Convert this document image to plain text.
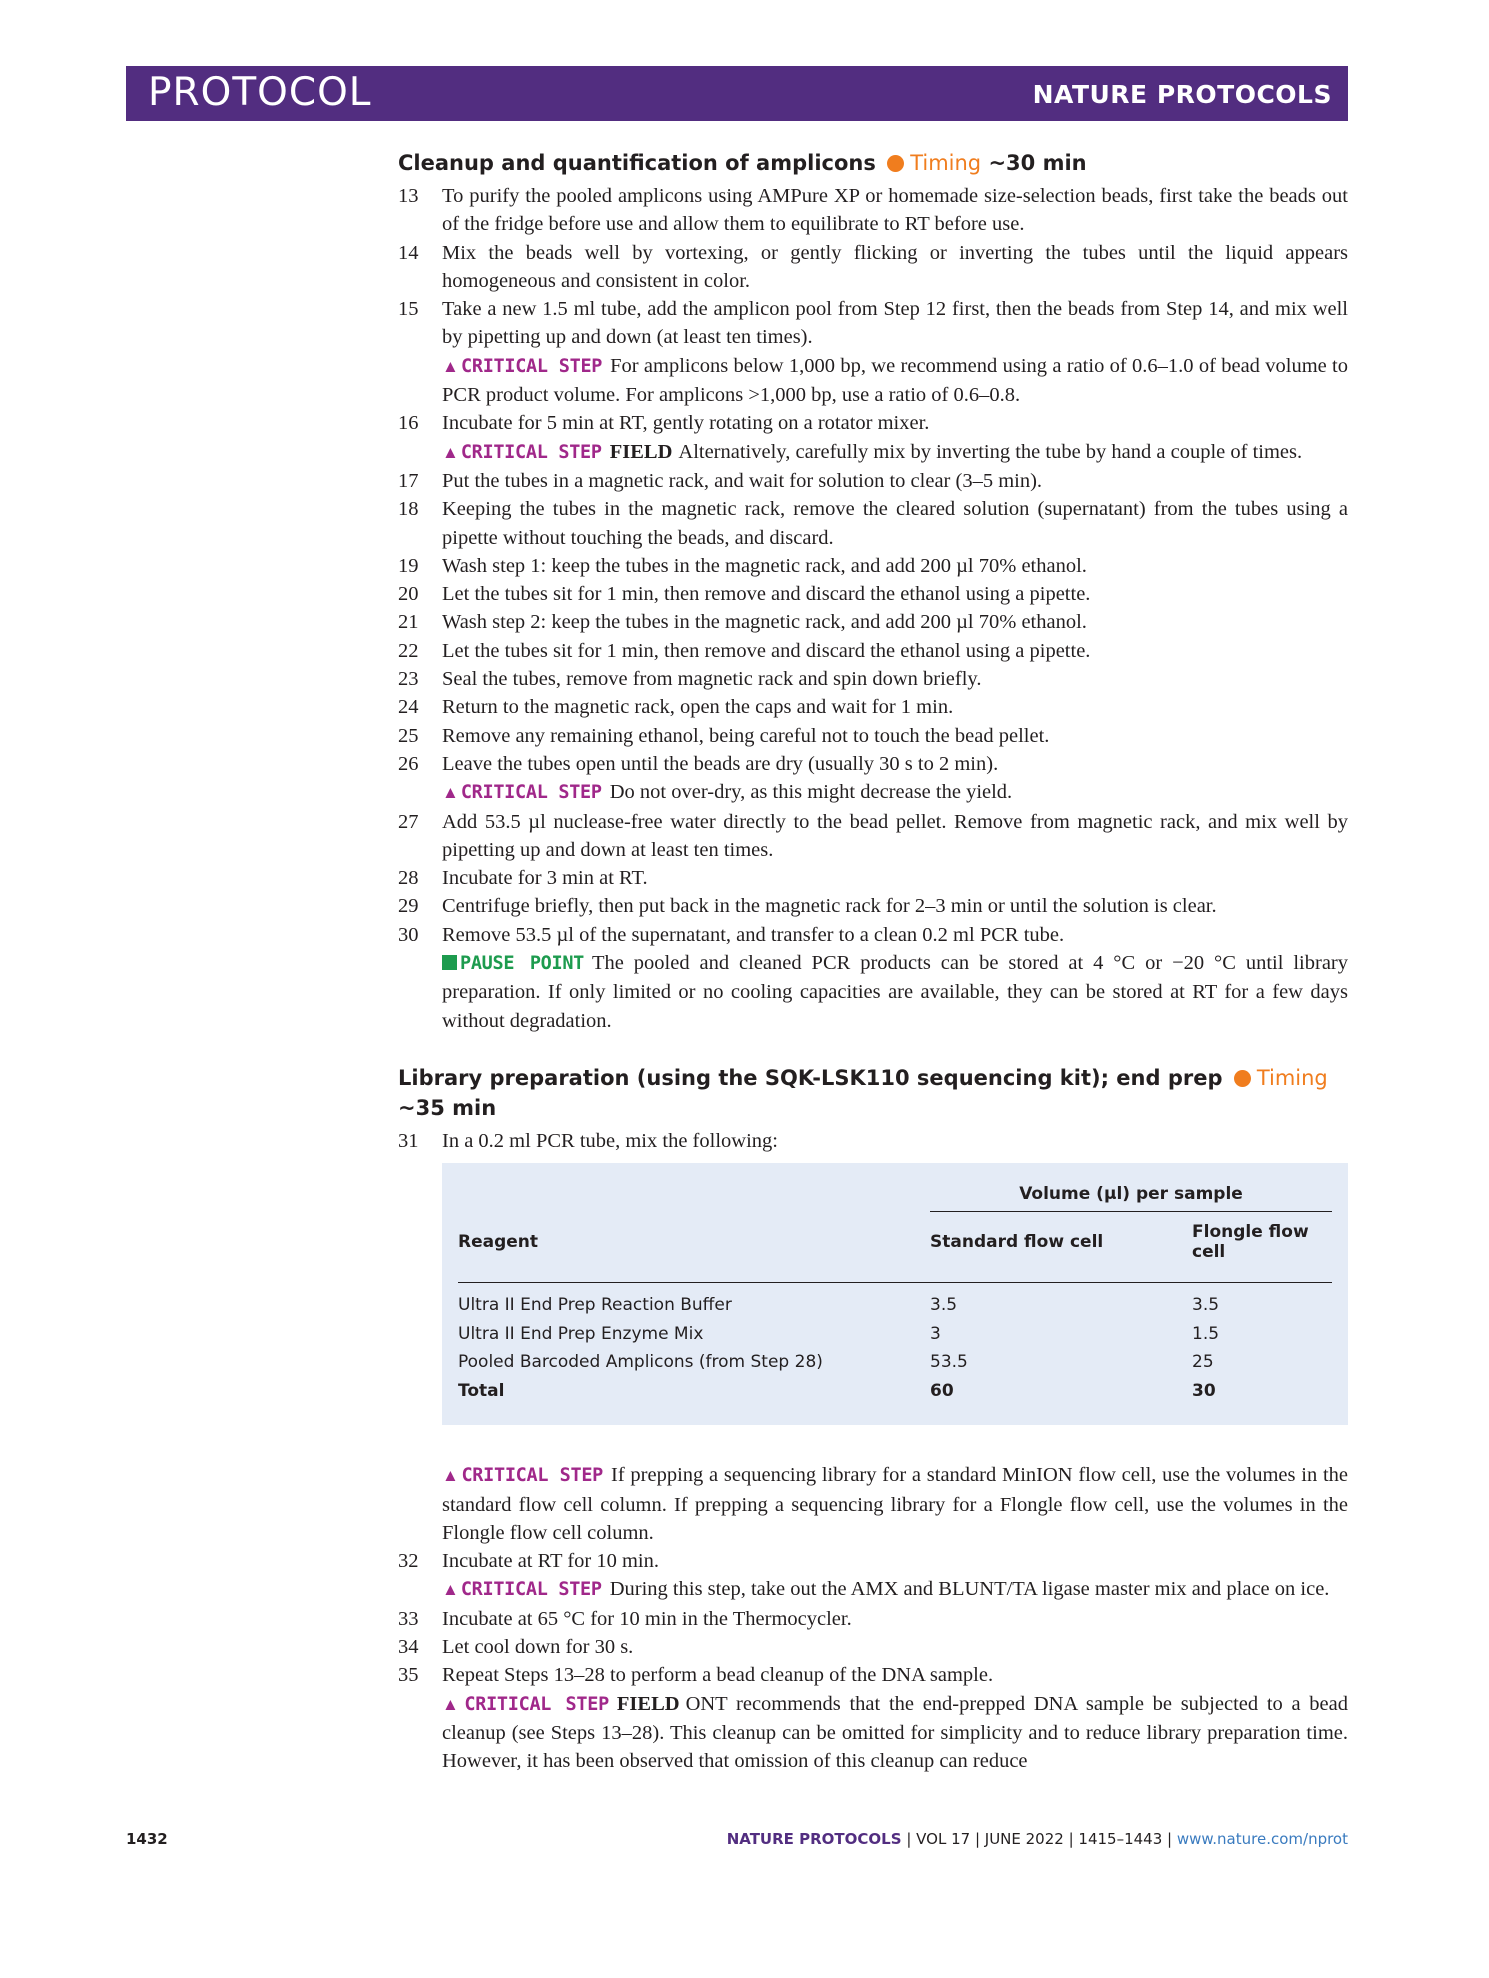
PROTOCOL	NATURE PROTOCOLS
Cleanup and quantification of amplicons Timing ~30 min
13 To purify the pooled amplicons using AMPure XP or homemade size-selection beads, first take the beads out of the fridge before use and allow them to equilibrate to RT before use.
14 Mix the beads well by vortexing, or gently flicking or inverting the tubes until the liquid appears homogeneous and consistent in color.
15 Take a new 1.5 ml tube, add the amplicon pool from Step 12 first, then the beads from Step 14, and mix well by pipetting up and down (at least ten times).
▲ CRITICAL STEP For amplicons below 1,000 bp, we recommend using a ratio of 0.6–1.0 of bead volume to PCR product volume. For amplicons >1,000 bp, use a ratio of 0.6–0.8.
16 Incubate for 5 min at RT, gently rotating on a rotator mixer.
▲ CRITICAL STEP FIELD Alternatively, carefully mix by inverting the tube by hand a couple of times.
17 Put the tubes in a magnetic rack, and wait for solution to clear (3–5 min).
18 Keeping the tubes in the magnetic rack, remove the cleared solution (supernatant) from the tubes using a pipette without touching the beads, and discard.
19 Wash step 1: keep the tubes in the magnetic rack, and add 200 µl 70% ethanol.
20 Let the tubes sit for 1 min, then remove and discard the ethanol using a pipette.
21 Wash step 2: keep the tubes in the magnetic rack, and add 200 µl 70% ethanol.
22 Let the tubes sit for 1 min, then remove and discard the ethanol using a pipette.
23 Seal the tubes, remove from magnetic rack and spin down briefly.
24 Return to the magnetic rack, open the caps and wait for 1 min.
25 Remove any remaining ethanol, being careful not to touch the bead pellet.
26 Leave the tubes open until the beads are dry (usually 30 s to 2 min).
▲ CRITICAL STEP Do not over-dry, as this might decrease the yield.
27 Add 53.5 µl nuclease-free water directly to the bead pellet. Remove from magnetic rack, and mix well by pipetting up and down at least ten times.
28 Incubate for 3 min at RT.
29 Centrifuge briefly, then put back in the magnetic rack for 2–3 min or until the solution is clear.
30 Remove 53.5 µl of the supernatant, and transfer to a clean 0.2 ml PCR tube.
PAUSE POINT The pooled and cleaned PCR products can be stored at 4 °C or −20 °C until library preparation. If only limited or no cooling capacities are available, they can be stored at RT for a few days without degradation.
Library preparation (using the SQK-LSK110 sequencing kit); end prep Timing ~35 min
31 In a 0.2 ml PCR tube, mix the following:
	Volume (µl) per sample	
Reagent	Standard flow cell	Flongle flow cell
Ultra II End Prep Reaction Buffer	3.5	3.5
Ultra II End Prep Enzyme Mix	3	1.5
Pooled Barcoded Amplicons (from Step 28)	53.5	25
Total	60	30
▲ CRITICAL STEP If prepping a sequencing library for a standard MinION flow cell, use the volumes in the standard flow cell column. If prepping a sequencing library for a Flongle flow cell, use the volumes in the Flongle flow cell column.
32 Incubate at RT for 10 min.
▲ CRITICAL STEP During this step, take out the AMX and BLUNT/TA ligase master mix and place on ice.
33 Incubate at 65 °C for 10 min in the Thermocycler.
34 Let cool down for 30 s.
35 Repeat Steps 13–28 to perform a bead cleanup of the DNA sample.
▲ CRITICAL STEP FIELD ONT recommends that the end-prepped DNA sample be subjected to a bead cleanup (see Steps 13–28). This cleanup can be omitted for simplicity and to reduce library preparation time. However, it has been observed that omission of this cleanup can reduce
1432	NATURE PROTOCOLS | VOL 17 | JUNE 2022 | 1415–1443 | www.nature.com/nprot
